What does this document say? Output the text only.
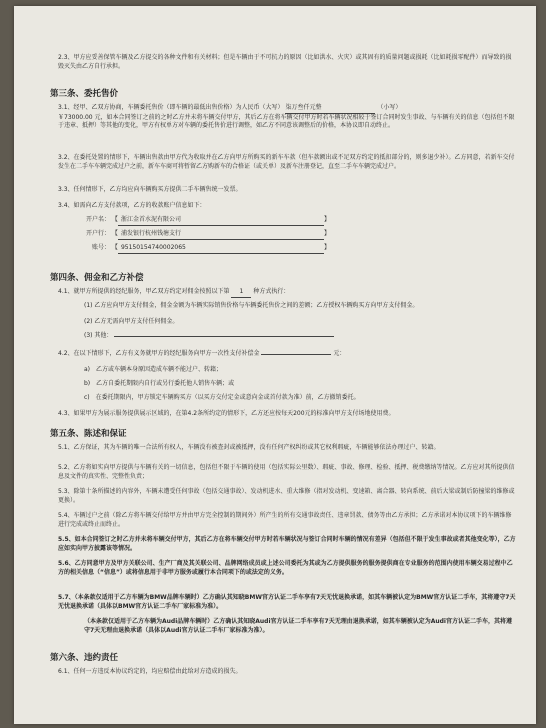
2.3、甲方应妥善保管车辆及乙方提交的各种文件和有关材料；但是车辆由于不可抗力的原因（比如洪水、火灾）或其固有的质量问题或损耗（比如耗损零配件）而导致的损毁灭失由乙方自行承担。
第三条、委托售价
3.1、经甲、乙双方协商，车辆委托售价（即车辆的最低出售价格）为人民币（大写） 柒万叁仟元整	（小写）
￥73000.00 元，如本合同签订之前的之时乙方并未将车辆交付甲方，其后乙方在将车辆交付甲方时若车辆状况相较于签订合同时发生事故、与车辆有关的信息（包括但不限于违章、抵押）等其他的变化，甲方有权单方对车辆的委托售价进行调整，如乙方不同意该调整后的价格，本协议即自动终止。
3.2、在委托处置的情形下，车辆出售款由甲方代为收取并在乙方向甲方所购买的新车车款（但车款额出或不足双方约定的抵扣部分的，则多退少补）。乙方同意，若新车交付发生在二手车车辆完成过户之前，新车车商可将暂留乙方购新车的合格证（或关单）及新车注册登记，直至二手车车辆完成过户。
3.3、任何情形下，乙方均应向车辆购买方提供二手车辆售统一发票。
3.4、如需向乙方支付款项，乙方的收款账户信息如下：
开户名： 【 浙江金首水泥有限公司	】
开户行： 【 浦发银行杭州钱塘支行	】
账号： 【 95150154740002065	】
第四条、佣金和乙方补偿
4.1、就甲方所提供的经纪服务，甲乙双方约定对佣金按照以下第 1 种方式执行：
(1) 乙方应向甲方支付佣金，佣金金额为车辆实际销售价格与车辆委托售价之间的差额；乙方授权车辆购买方向甲方支付佣金。
(2) 乙方无需向甲方支付任何佣金。
(3) 其他：
4.2、在以下情形下，乙方有义务就甲方的经纪服务向甲方一次性支付补偿金	元：
a)　乙方或车辆本身原因造成车辆不能过户、转籍；
b)　乙方自委托期限内自行或另行委托他人销售车辆；或
c)　在委托期限内，甲方锁定车辆购买方（以买方交付定金或意向金或首付款为准）前，乙方撤销委托。
4.3、如果甲方为展示服务提供展示区域的，在第4.2条所约定的情形下，乙方还应按每天200元的标准向甲方支付场地使用费。
第五条、陈述和保证
5.1、乙方保证，其为车辆的唯一合法所有权人，车辆没有被查封或被抵押，没有任何产权纠纷或其它权利瑕疵，车辆能够依法办理过户、转籍。
5.2、乙方将如实向甲方提供与车辆有关的一切信息，包括但不限于车辆的使用（包括实际公里数）、瑕疵、事故、修理、检验、抵押、税费缴纳等情况。乙方应对其所提供信息及文件的真实性、完整性负责；
5.3、除第十条所描述的内容外，车辆未遭受任何事故（包括交通事故）、发动机进水、重大维修（指对发动机、变速箱、离合器、转向系统、前后大梁或制后防撞梁的维修或更换）。
5.4、车辆过户之前（除乙方将车辆交付给甲方并由甲方完全控制的期间外）所产生的所有交通事故责任、违章罚款、债务等由乙方承担；乙方承诺对本协议项下的车辆维修进行完成或终止而终止。
5.5、如本合同签订之时乙方并未将车辆交付甲方，其后乙方在将车辆交付甲方时若车辆状况与签订合同时车辆的情况有差异（包括但不限于发生事故或者其他变化等），乙方应如实向甲方披露该等情况。
5.6、乙方同意甲方及甲方关联公司、生产厂商及其关联公司、品牌网络成员或上述公司委托为其或为乙方提供服务的服务提供商在专业服务的范围内使用车辆交易过程中乙方的相关信息（“信息”）或将信息用于非甲方服务或履行本合同项下的或法定的义务。
5.7、（本条款仅适用于乙方车辆为BMW品牌车辆时）乙方确认其知晓BMW官方认证二手车享有7天无忧退换承诺，如其车辆被认定为BMW官方认证二手车，其将遵守7天无忧退换承诺（具体以BMW官方认证二手车厂家标准为准）。
（本条款仅适用于乙方车辆为Audi品牌车辆时）乙方确认其知晓Audi官方认证二手车享有7天无理由退换承诺，如其车辆被认定为Audi官方认证二手车，其将遵守7天无理由退换承诺（具体以Audi官方认证二手车厂家标准为准）。
第六条、违约责任
6.1、任何一方违反本协议约定的，均应赔偿由此给对方造成的损失。
